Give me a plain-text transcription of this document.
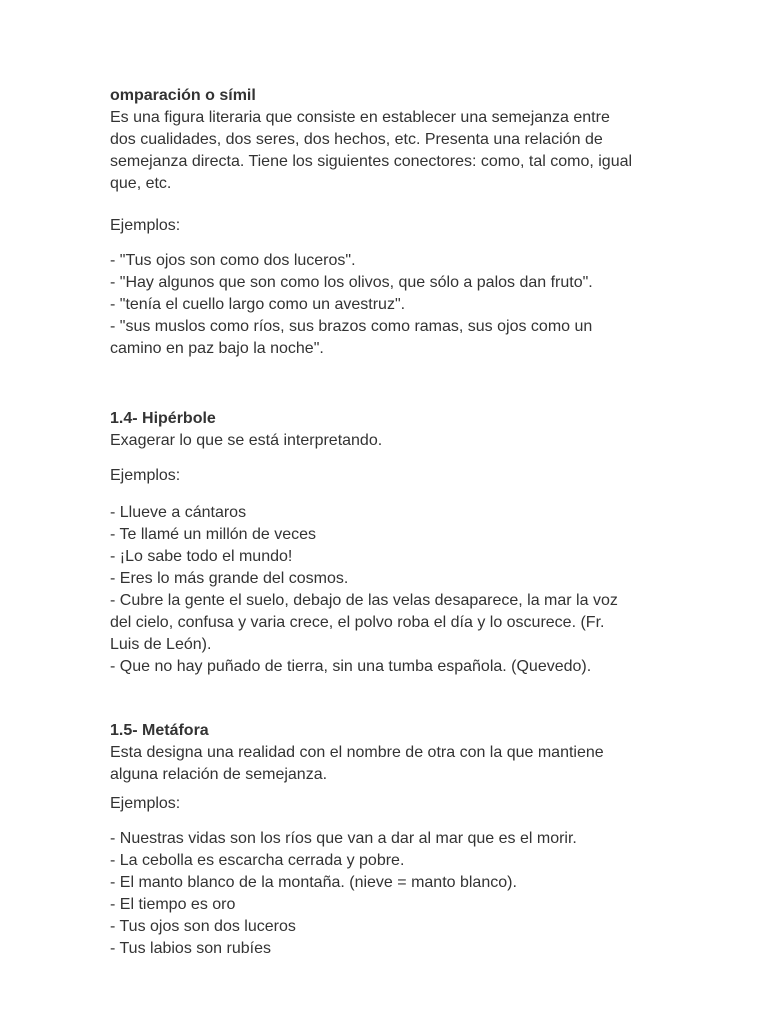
omparación o símil
Es una figura literaria que consiste en establecer una semejanza entre
dos cualidades, dos seres, dos hechos, etc. Presenta una relación de
semejanza directa. Tiene los siguientes conectores: como, tal como, igual
que, etc.
Ejemplos:
- "Tus ojos son como dos luceros".
- "Hay algunos que son como los olivos, que sólo a palos dan fruto".
- "tenía el cuello largo como un avestruz".
- "sus muslos como ríos, sus brazos como ramas, sus ojos como un
camino en paz bajo la noche".
1.4- Hipérbole
Exagerar lo que se está interpretando.
Ejemplos:
- Llueve a cántaros
- Te llamé un millón de veces
- ¡Lo sabe todo el mundo!
- Eres lo más grande del cosmos.
- Cubre la gente el suelo, debajo de las velas desaparece, la mar la voz
del cielo, confusa y varia crece, el polvo roba el día y lo oscurece. (Fr.
Luis de León).
- Que no hay puñado de tierra, sin una tumba española. (Quevedo).
1.5- Metáfora
Esta designa una realidad con el nombre de otra con la que mantiene
alguna relación de semejanza.
Ejemplos:
- Nuestras vidas son los ríos que van a dar al mar que es el morir.
- La cebolla es escarcha cerrada y pobre.
- El manto blanco de la montaña. (nieve = manto blanco).
- El tiempo es oro
- Tus ojos son dos luceros
- Tus labios son rubíes
